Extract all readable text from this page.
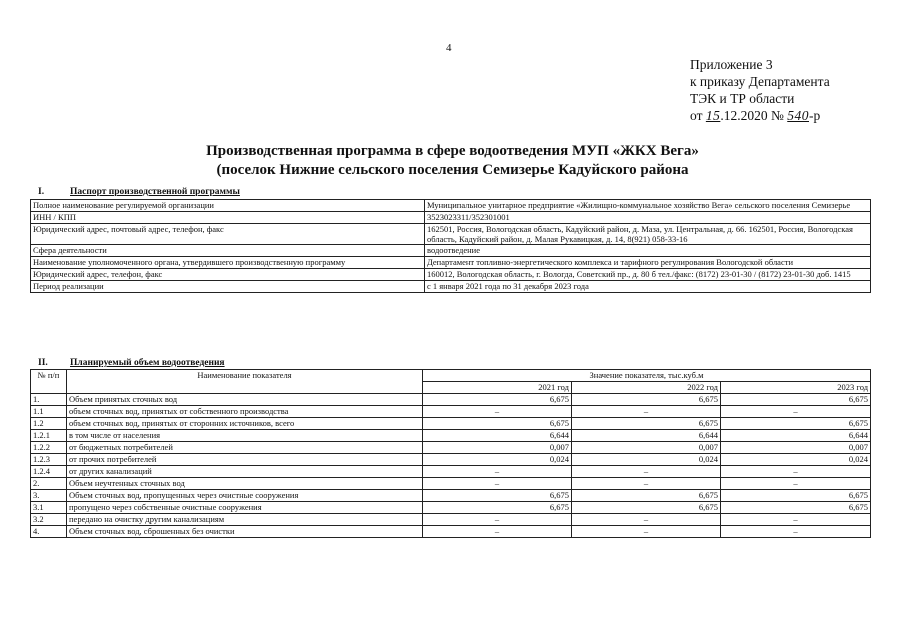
4
Приложение 3
к приказу Департамента
ТЭК и ТР области
от 15.12.2020 № 540-р
Производственная программа в сфере водоотведения МУП «ЖКХ Вега»
(поселок Нижние сельского поселения Семизерье Кадуйского района
I.	Паспорт производственной программы
Полное наименование регулируемой организации	Муниципальное унитарное предприятие «Жилищно-коммунальное хозяйство Вега» сельского поселения Семизерье
ИНН / КПП	3523023311/352301001
Юридический адрес, почтовый адрес, телефон, факс	162501, Россия, Вологодская область, Кадуйский район, д. Маза, ул. Центральная, д. 66. 162501, Россия, Вологодская область, Кадуйский район, д. Малая Рукавицкая, д. 14, 8(921) 058-33-16
Сфера деятельности	водоотведение
Наименование уполномоченного органа, утвердившего производственную программу	Департамент топливно-энергетического комплекса и тарифного регулирования Вологодской области
Юридический адрес, телефон, факс	160012, Вологодская область, г. Вологда, Советский пр., д. 80 б тел./факс: (8172) 23-01-30 / (8172) 23-01-30 доб. 1415
Период реализации	с 1 января 2021 года по 31 декабря 2023 года
II. Планируемый объем водоотведения
№ п/п	Наименование показателя	Значение показателя, тыс.куб.м		
		2021 год	2022 год	2023 год
1.	Объем принятых сточных вод	6,675	6,675	6,675
1.1	объем сточных вод, принятых от собственного производства	–	–	–
1.2	объем сточных вод, принятых от сторонних источников, всего	6,675	6,675	6,675
1.2.1	в том числе от населения	6,644	6,644	6,644
1.2.2	от бюджетных потребителей	0,007	0,007	0,007
1.2.3	от прочих потребителей	0,024	0,024	0,024
1.2.4	от других канализаций	–	–	–
2.	Объем неучтенных сточных вод	–	–	–
3.	Объем сточных вод, пропущенных через очистные сооружения	6,675	6,675	6,675
3.1	пропущено через собственные очистные сооружения	6,675	6,675	6,675
3.2	передано на очистку другим канализациям	–	–	–
4.	Объем сточных вод, сброшенных без очистки	–	–	–
